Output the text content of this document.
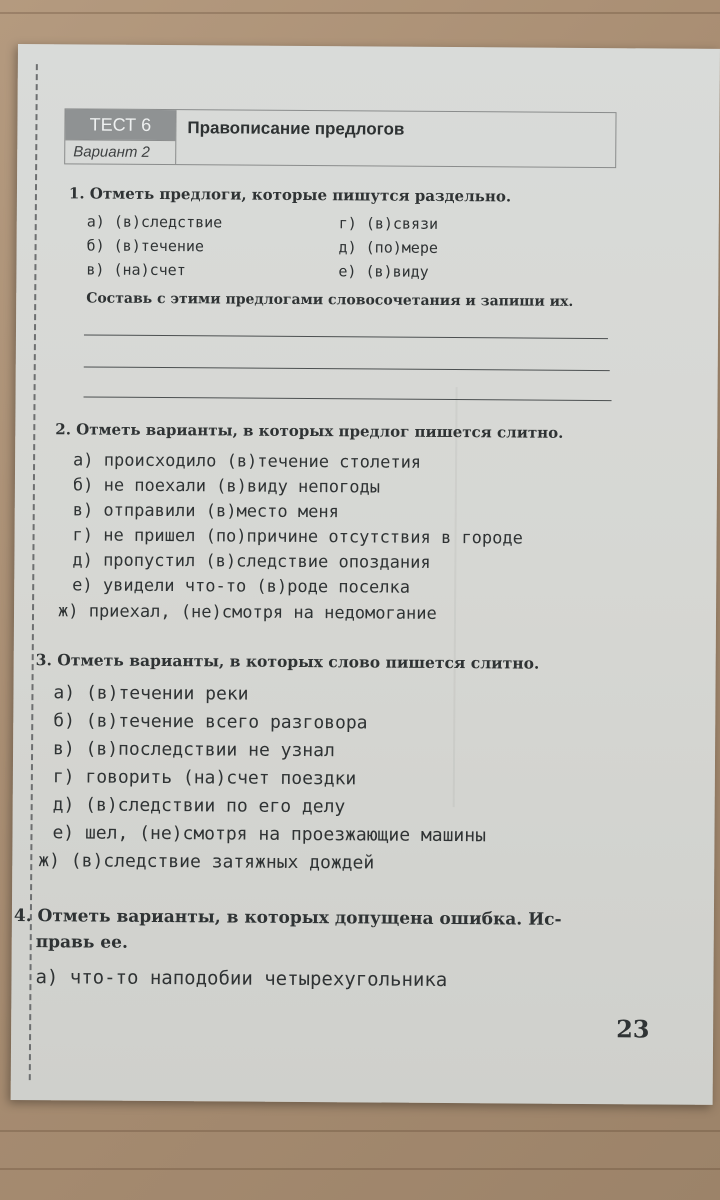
ТЕСТ 6
Вариант 2
Правописание предлогов
1. Отметь предлоги, которые пишутся раздельно.
а) (в)следствие
б) (в)течение
в) (на)счет
г) (в)связи
д) (по)мере
е) (в)виду
Составь с этими предлогами словосочетания и запиши их.
2. Отметь варианты, в которых предлог пишется слитно.
а) происходило (в)течение столетия
б) не поехали (в)виду непогоды
в) отправили (в)место меня
г) не пришел (по)причине отсутствия в городе
д) пропустил (в)следствие опоздания
е) увидели что-то (в)роде поселка
ж) приехал, (не)смотря на недомогание
3. Отметь варианты, в которых слово пишется слитно.
а) (в)течении реки
б) (в)течение всего разговора
в) (в)последствии не узнал
г) говорить (на)счет поездки
д) (в)следствии по его делу
е) шел, (не)смотря на проезжающие машины
ж) (в)следствие затяжных дождей
4. Отметь варианты, в которых допущена ошибка. Ис-
правь ее.
а) что-то наподобии четырехугольника
23
